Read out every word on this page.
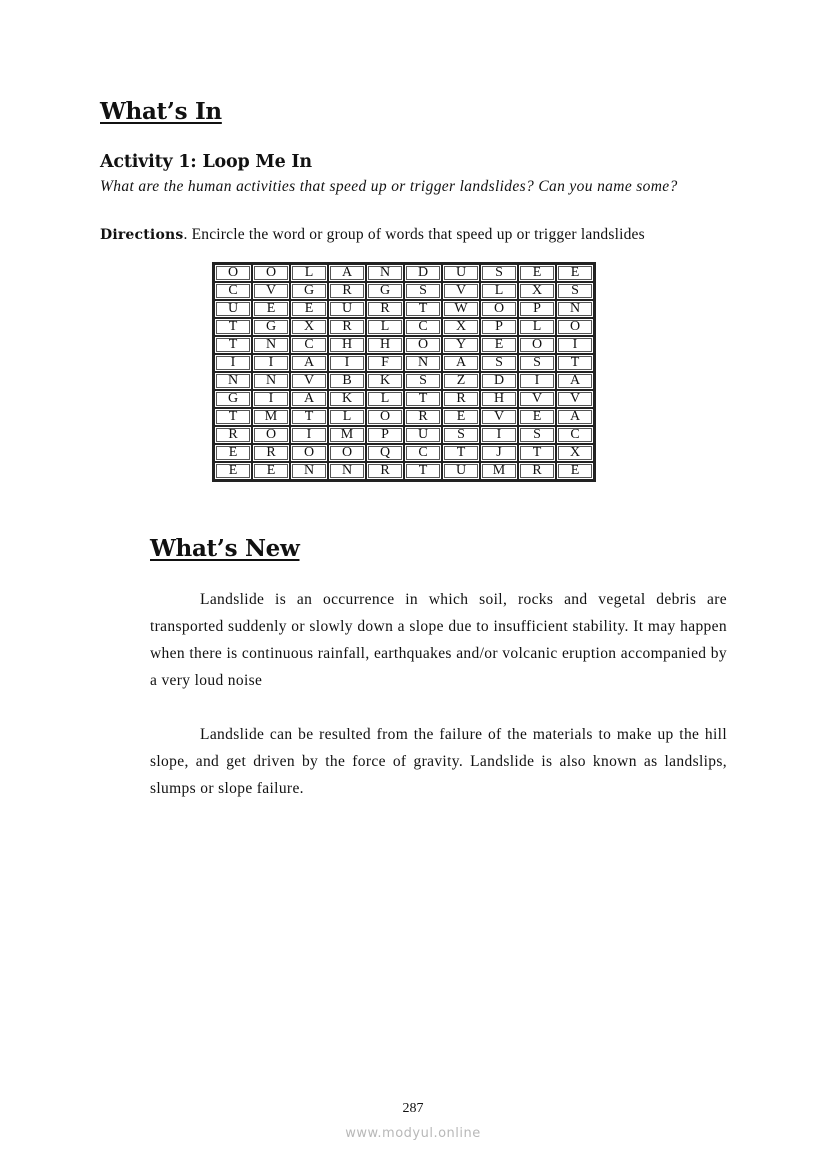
What’s In
Activity 1: Loop Me In
What are the human activities that speed up or trigger landslides? Can you name some?
Directions. Encircle the word or group of words that speed up or trigger landslides
O	O	L	A	N	D	U	S	E	E
C	V	G	R	G	S	V	L	X	S
U	E	E	U	R	T	W	O	P	N
T	G	X	R	L	C	X	P	L	O
T	N	C	H	H	O	Y	E	O	I
I	I	A	I	F	N	A	S	S	T
N	N	V	B	K	S	Z	D	I	A
G	I	A	K	L	T	R	H	V	V
T	M	T	L	O	R	E	V	E	A
R	O	I	M	P	U	S	I	S	C
E	R	O	O	Q	C	T	J	T	X
E	E	N	N	R	T	U	M	R	E
What’s New
Landslide is an occurrence in which soil, rocks and vegetal debris are transported suddenly or slowly down a slope due to insufficient stability. It may happen when there is continuous rainfall, earthquakes and/or volcanic eruption accompanied by a very loud noise
Landslide can be resulted from the failure of the materials to make up the hill slope, and get driven by the force of gravity. Landslide is also known as landslips, slumps or slope failure.
287
www.modyul.online
